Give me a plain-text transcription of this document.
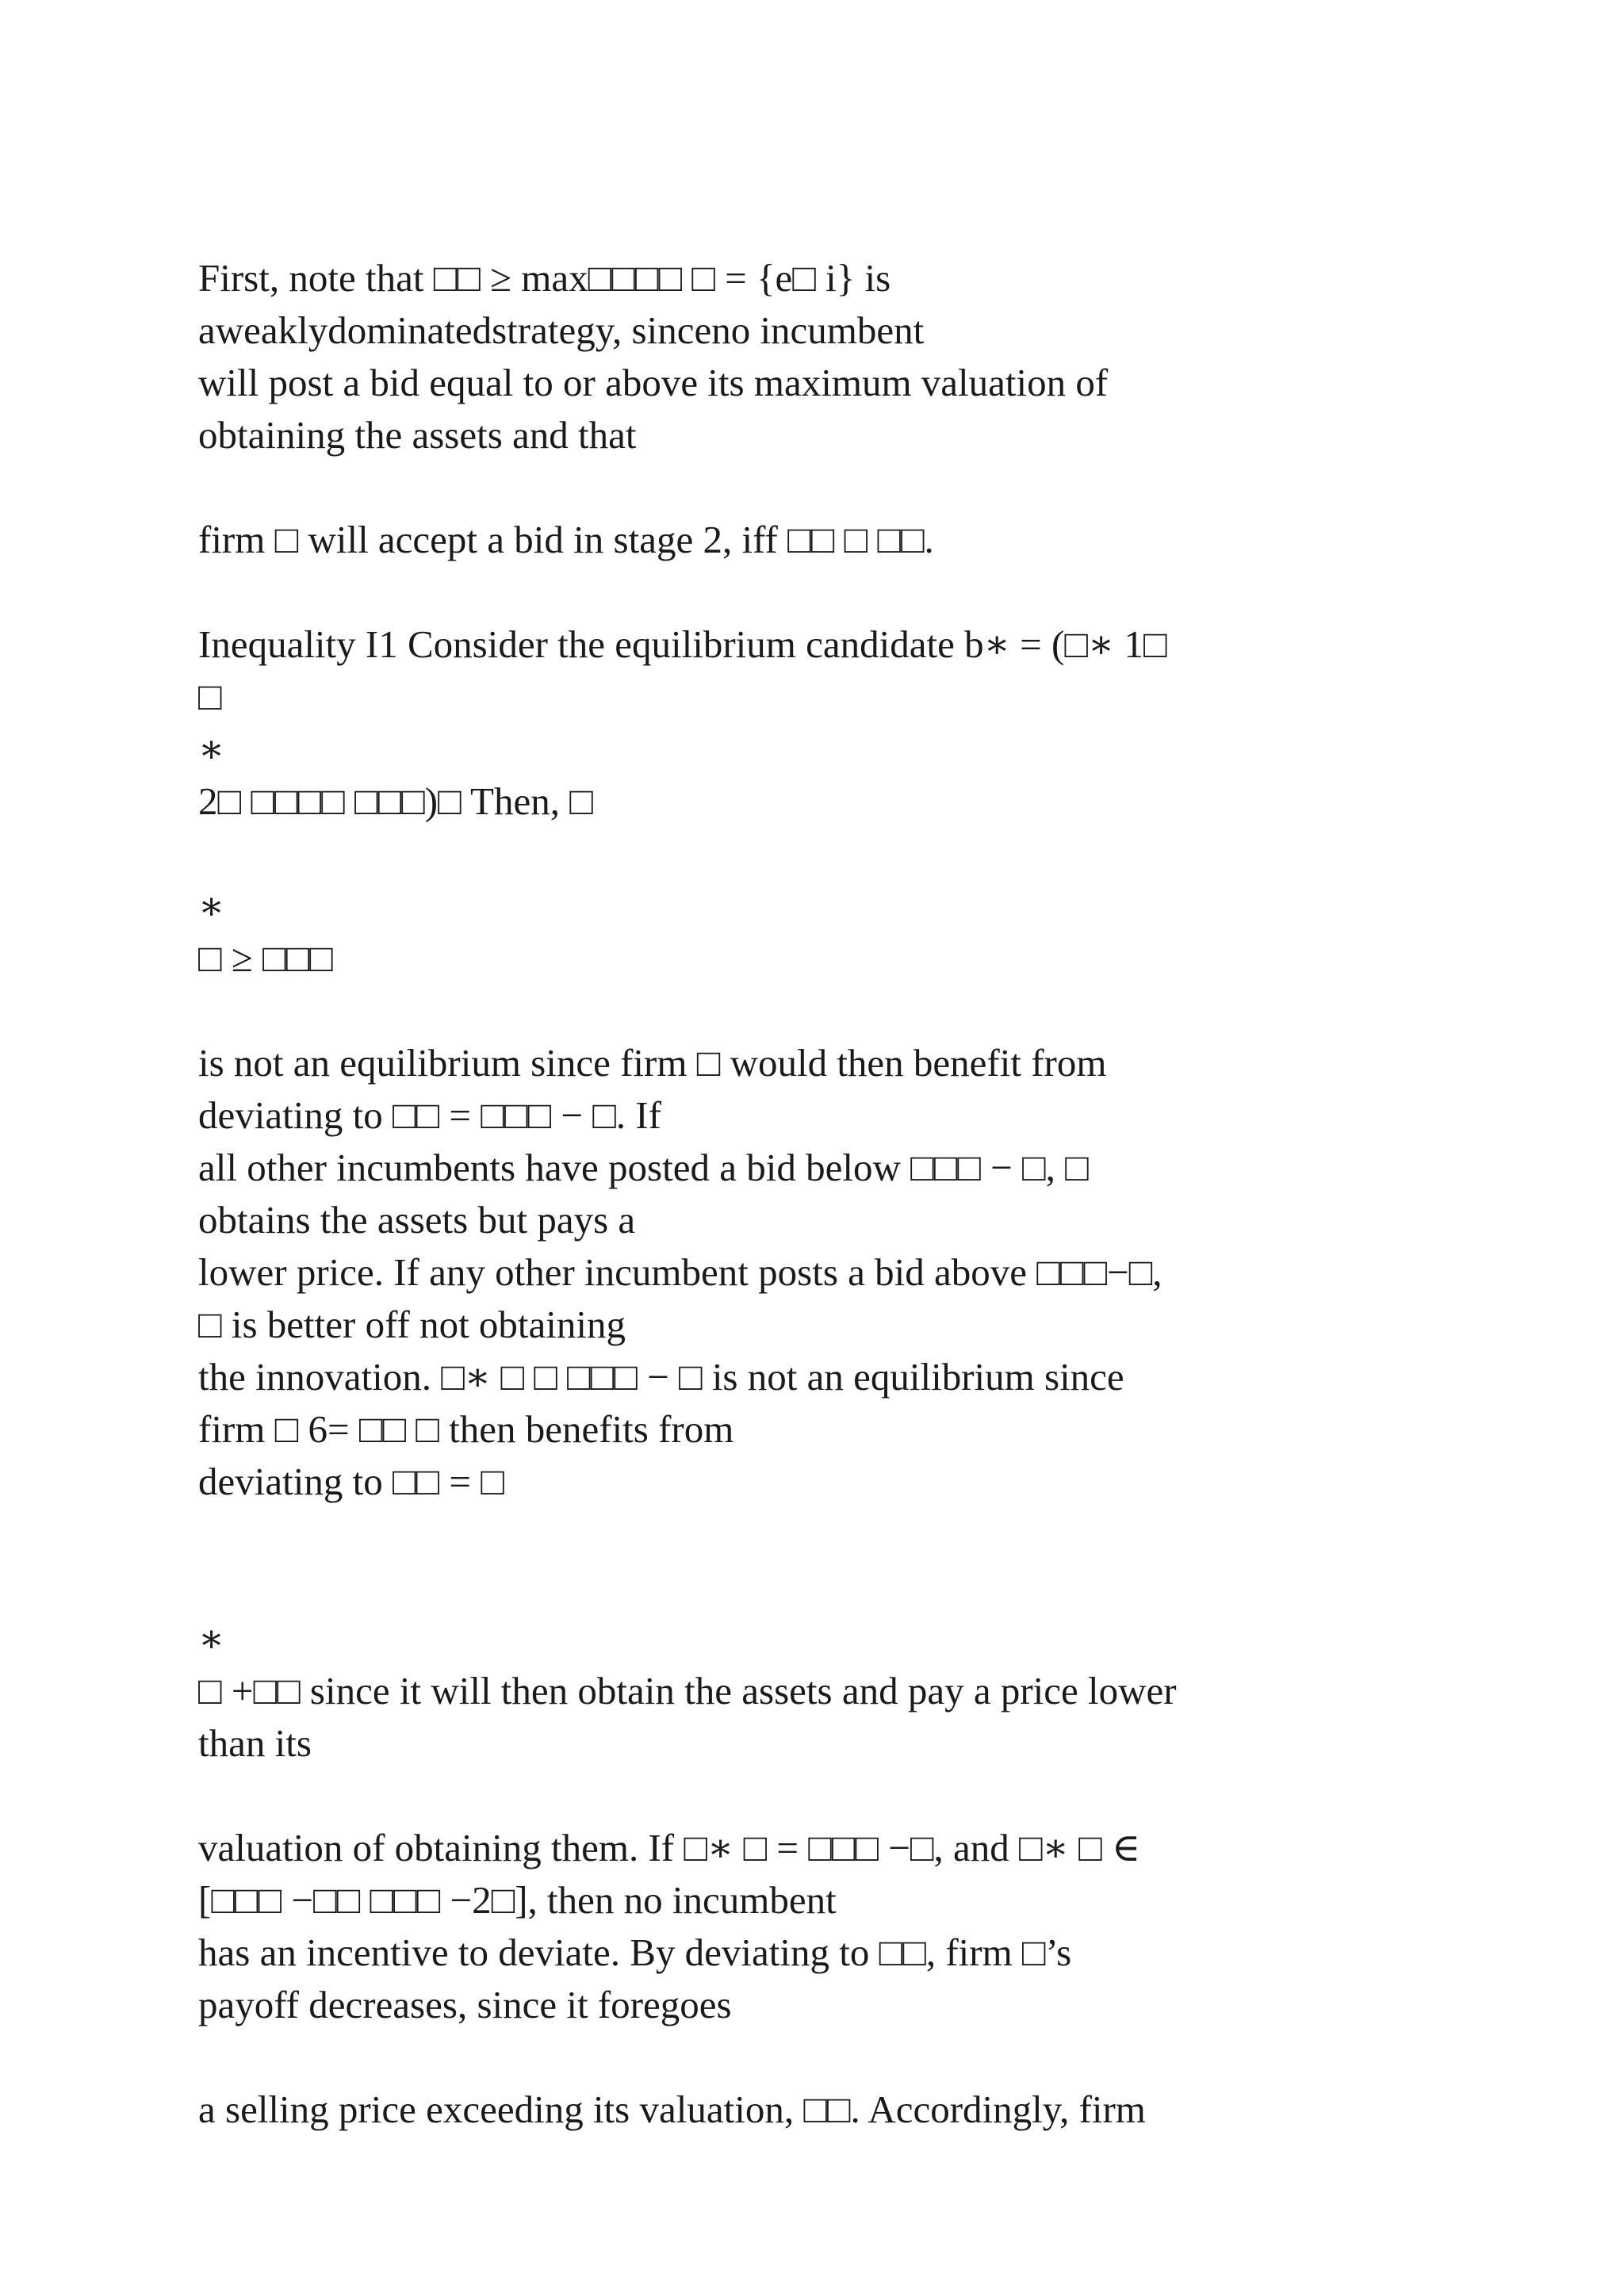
First, note that □□ ≥ max□□□□ □ = {e□ i} is
aweaklydominatedstrategy, sinceno incumbent
will post a bid equal to or above its maximum valuation of
obtaining the assets and that
firm □ will accept a bid in stage 2, iff □□ □ □□.
Inequality I1 Consider the equilibrium candidate b∗ = (□∗ 1□
□
∗
2□ □□□□ □□□)□ Then, □
∗
□ ≥ □□□
is not an equilibrium since firm □ would then benefit from
deviating to □□ = □□□ − □. If
all other incumbents have posted a bid below □□□ − □, □
obtains the assets but pays a
lower price. If any other incumbent posts a bid above □□□−□,
□ is better off not obtaining
the innovation. □∗ □ □ □□□ − □ is not an equilibrium since
firm □ 6= □□ □ then benefits from
deviating to □□ = □
∗
□ +□□ since it will then obtain the assets and pay a price lower
than its
valuation of obtaining them. If □∗ □ = □□□ −□, and □∗ □ ∈
[□□□ −□□ □□□ −2□], then no incumbent
has an incentive to deviate. By deviating to □□, firm □’s
payoff decreases, since it foregoes
a selling price exceeding its valuation, □□. Accordingly, firm
